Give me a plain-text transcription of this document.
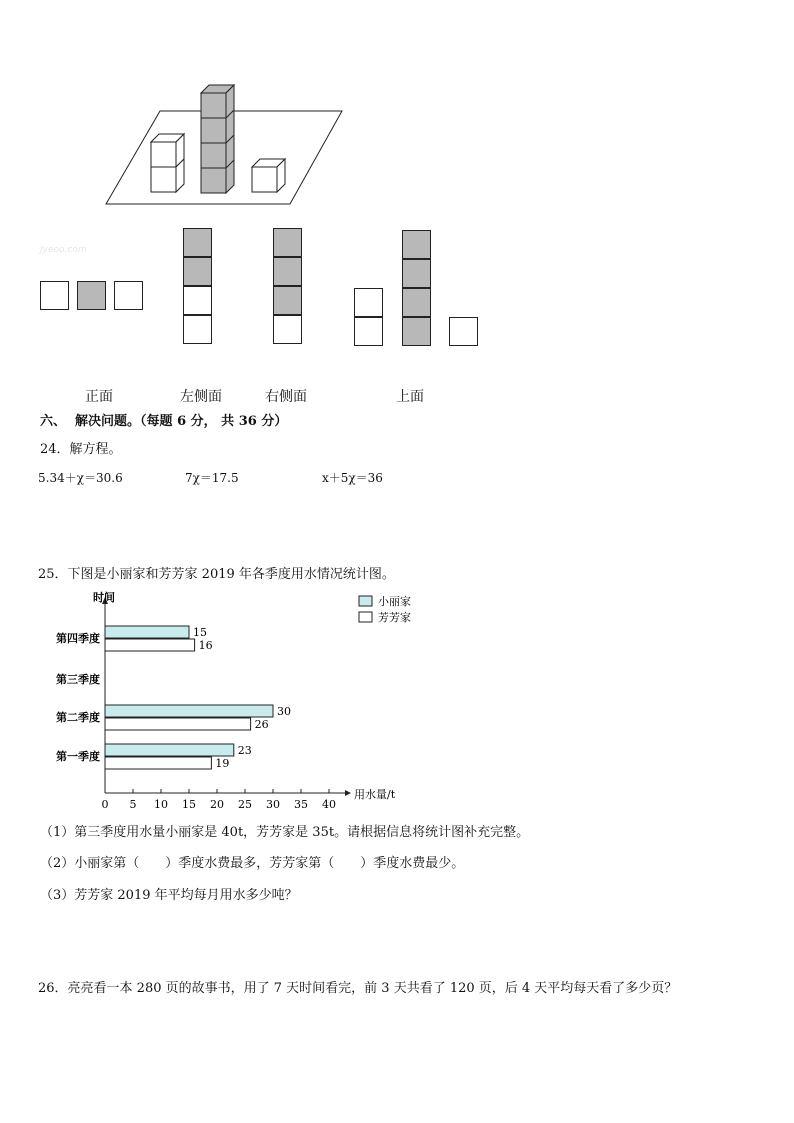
Jyeoo.com
正面	左侧面	右侧面	上面
六、  解决问题。（每题 6 分， 共 36 分）
24．解方程。
5.34＋χ＝30.6	7χ＝17.5	x＋5χ＝36
25．下图是小丽家和芳芳家 2019 年各季度用水情况统计图。
时间
用水量/t
0 5 10 15 20 25 30 35 40
第一季度	23
19
第二季度	30
26
第三季度
第四季度	15
16
小丽家
芳芳家
（1）第三季度用水量小丽家是 40t，芳芳家是 35t。请根据信息将统计图补充完整。
（2）小丽家第（　　）季度水费最多，芳芳家第（　　）季度水费最少。
（3）芳芳家 2019 年平均每月用水多少吨？
26．亮亮看一本 280 页的故事书，用了 7 天时间看完，前 3 天共看了 120 页，后 4 天平均每天看了多少页？
